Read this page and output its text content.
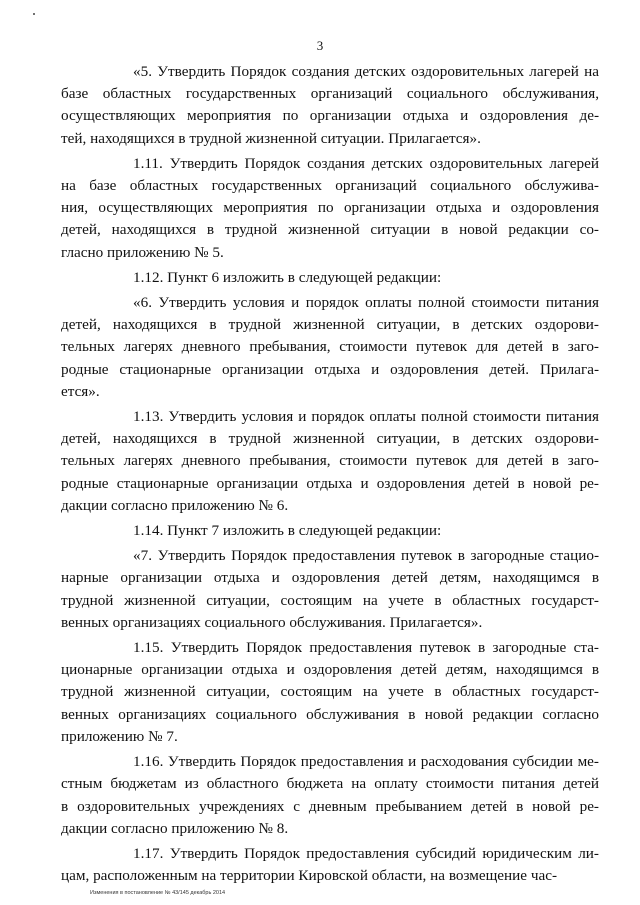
3

«5. Утвердить Порядок создания детских оздоровительных лагерей на
базе областных государственных организаций социального обслуживания,
осуществляющих мероприятия по организации отдыха и оздоровления де-
тей, находящихся в трудной жизненной ситуации. Прилагается».

1.11. Утвердить Порядок создания детских оздоровительных лагерей
на базе областных государственных организаций социального обслужива-
ния, осуществляющих мероприятия по организации отдыха и оздоровления
детей, находящихся в трудной жизненной ситуации в новой редакции со-
гласно приложению № 5.

1.12. Пункт 6 изложить в следующей редакции:

«6. Утвердить условия и порядок оплаты полной стоимости питания
детей, находящихся в трудной жизненной ситуации, в детских оздорови-
тельных лагерях дневного пребывания, стоимости путевок для детей в заго-
родные стационарные организации отдыха и оздоровления детей. Прилага-
ется».

1.13. Утвердить условия и порядок оплаты полной стоимости питания
детей, находящихся в трудной жизненной ситуации, в детских оздорови-
тельных лагерях дневного пребывания, стоимости путевок для детей в заго-
родные стационарные организации отдыха и оздоровления детей в новой ре-
дакции согласно приложению № 6.

1.14. Пункт 7 изложить в следующей редакции:

«7. Утвердить Порядок предоставления путевок в загородные стацио-
нарные организации отдыха и оздоровления детей детям, находящимся в
трудной жизненной ситуации, состоящим на учете в областных государст-
венных организациях социального обслуживания. Прилагается».

1.15. Утвердить Порядок предоставления путевок в загородные ста-
ционарные организации отдыха и оздоровления детей детям, находящимся в
трудной жизненной ситуации, состоящим на учете в областных государст-
венных организациях социального обслуживания в новой редакции согласно
приложению № 7.

1.16. Утвердить Порядок предоставления и расходования субсидии ме-
стным бюджетам из областного бюджета на оплату стоимости питания детей
в оздоровительных учреждениях с дневным пребыванием детей в новой ре-
дакции согласно приложению № 8.

1.17. Утвердить Порядок предоставления субсидий юридическим ли-
цам, расположенным на территории Кировской области, на возмещение час-

Изменения в постановление № 43/145 декабрь 2014
